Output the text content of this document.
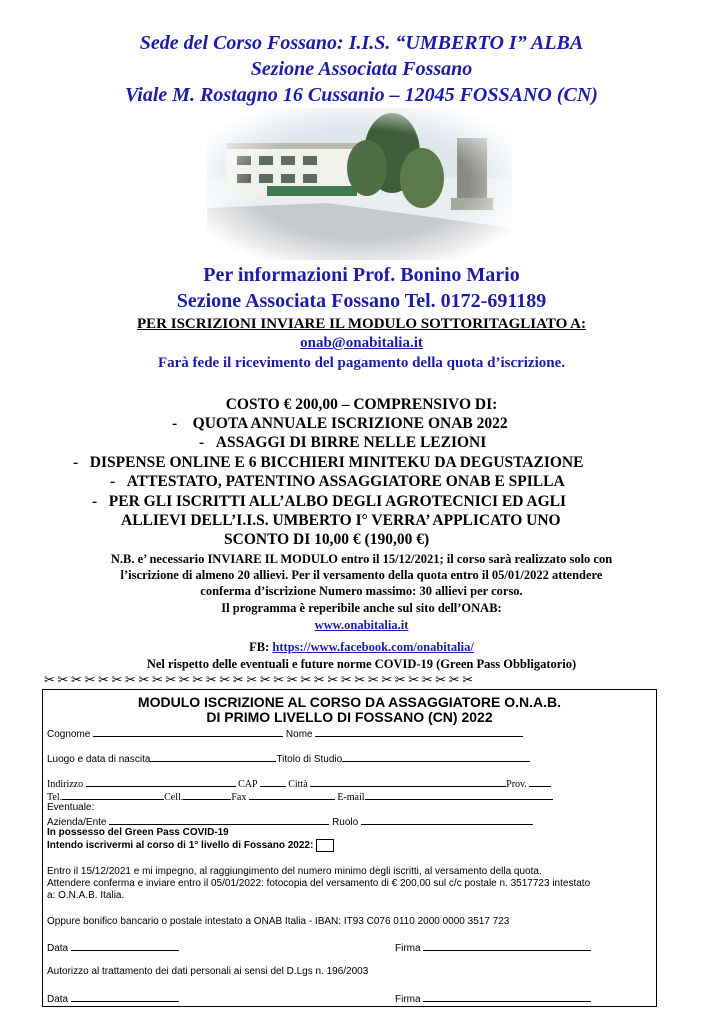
Sede del Corso Fossano: I.I.S. “UMBERTO I” ALBA
Sezione Associata Fossano
Viale M. Rostagno 16 Cussanio – 12045 FOSSANO (CN)
Per informazioni Prof. Bonino Mario
Sezione Associata Fossano Tel. 0172-691189
PER ISCRIZIONI INVIARE IL MODULO SOTTORITAGLIATO A:
onab@onabitalia.it
Farà fede il ricevimento del pagamento della quota d’iscrizione.
COSTO € 200,00 – COMPRENSIVO DI:
-    QUOTA ANNUALE ISCRIZIONE ONAB 2022
-   ASSAGGI DI BIRRE NELLE LEZIONI
-   DISPENSE ONLINE E 6 BICCHIERI MINITEKU DA DEGUSTAZIONE
-   ATTESTATO, PATENTINO ASSAGGIATORE ONAB E SPILLA
-   PER GLI ISCRITTI ALL’ALBO DEGLI AGROTECNICI ED AGLI
ALLIEVI DELL’I.I.S. UMBERTO I° VERRA’ APPLICATO UNO
SCONTO DI 10,00 € (190,00 €)
N.B. e’ necessario INVIARE IL MODULO entro il 15/12/2021; il corso sarà realizzato solo con
l’iscrizione di almeno 20 allievi. Per il versamento della quota entro il 05/01/2022 attendere
conferma d’iscrizione Numero massimo: 30 allievi per corso.
Il programma è reperibile anche sul sito dell’ONAB:
www.onabitalia.it
FB: https://www.facebook.com/onabitalia/
Nel rispetto delle eventuali e future norme COVID-19 (Green Pass Obbligatorio)
✂✂✂✂✂✂✂✂✂✂✂✂✂✂✂✂✂✂✂✂✂✂✂✂✂✂✂✂✂✂✂✂
MODULO ISCRIZIONE AL CORSO DA ASSAGGIATORE O.N.A.B.
DI PRIMO LIVELLO DI FOSSANO (CN) 2022
Cognome	Nome
Luogo e data di nascita	Titolo di Studio
Indirizzo	CAP	Città	Prov.
Tel.	Cell.	Fax	E-mail
Eventuale:
Azienda/Ente	Ruolo
In possesso del Green Pass COVID-19
Intendo iscrivermi al corso di 1° livello di Fossano 2022:
Entro il 15/12/2021 e mi impegno, al raggiungimento del numero minimo degli iscritti, al versamento della quota.
Attendere conferma e inviare entro il 05/01/2022: fotocopia del versamento di € 200,00 sul c/c postale n. 3517723 intestato
a: O.N.A.B. Italia.
Oppure bonifico bancario o postale intestato a ONAB Italia - IBAN: IT93 C076 0110 2000 0000 3517 723
Data	Firma
Autorizzo al trattamento dei dati personali ai sensi del D.Lgs n. 196/2003
Data	Firma
